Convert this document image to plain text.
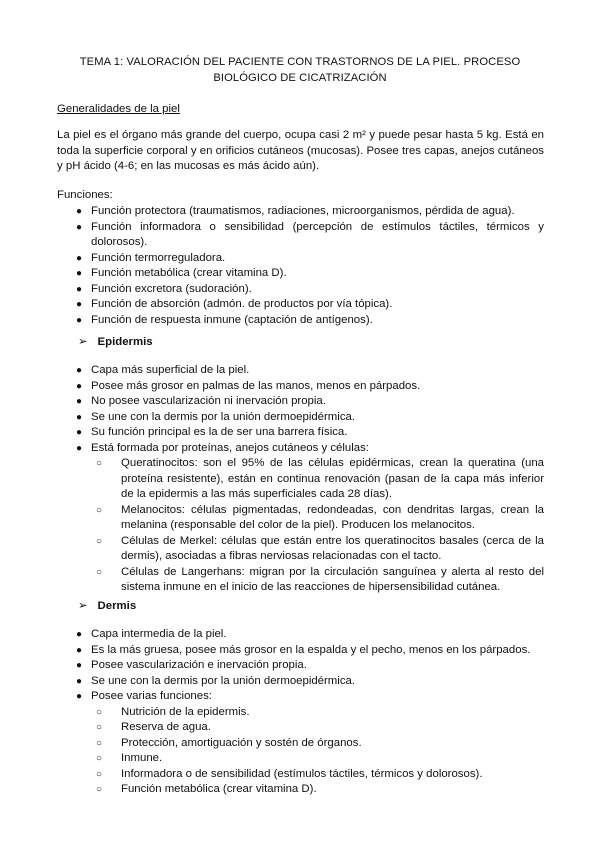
TEMA 1: VALORACIÓN DEL PACIENTE CON TRASTORNOS DE LA PIEL. PROCESO
BIOLÓGICO DE CICATRIZACIÓN
Generalidades de la piel
La piel es el órgano más grande del cuerpo, ocupa casi 2 m² y puede pesar hasta 5 kg. Está en toda la superficie corporal y en orificios cutáneos (mucosas). Posee tres capas, anejos cutáneos y pH ácido (4-6; en las mucosas es más ácido aún).
Funciones:
● Función protectora (traumatismos, radiaciones, microorganismos, pérdida de agua).
● Función informadora o sensibilidad (percepción de estímulos táctiles, térmicos y dolorosos).
● Función termorreguladora.
● Función metabólica (crear vitamina D).
● Función excretora (sudoración).
● Función de absorción (admón. de productos por vía tópica).
● Función de respuesta inmune (captación de antígenos).
➢ Epidermis
● Capa más superficial de la piel.
● Posee más grosor en palmas de las manos, menos en párpados.
● No posee vascularización ni inervación propia.
● Se une con la dermis por la unión dermoepidérmica.
● Su función principal es la de ser una barrera física.
● Está formada por proteínas, anejos cutáneos y células:
○ Queratinocitos: son el 95% de las células epidérmicas, crean la queratina (una proteína resistente), están en continua renovación (pasan de la capa más inferior de la epidermis a las más superficiales cada 28 días).
○ Melanocitos: células pigmentadas, redondeadas, con dendritas largas, crean la melanina (responsable del color de la piel). Producen los melanocitos.
○ Células de Merkel: células que están entre los queratinocitos basales (cerca de la dermis), asociadas a fibras nerviosas relacionadas con el tacto.
○ Células de Langerhans: migran por la circulación sanguínea y alerta al resto del sistema inmune en el inicio de las reacciones de hipersensibilidad cutánea.
➢ Dermis
● Capa intermedia de la piel.
● Es la más gruesa, posee más grosor en la espalda y el pecho, menos en los párpados.
● Posee vascularización e inervación propia.
● Se une con la dermis por la unión dermoepidérmica.
● Posee varias funciones:
○ Nutrición de la epidermis.
○ Reserva de agua.
○ Protección, amortiguación y sostén de órganos.
○ Inmune.
○ Informadora o de sensibilidad (estímulos táctiles, térmicos y dolorosos).
○ Función metabólica (crear vitamina D).
